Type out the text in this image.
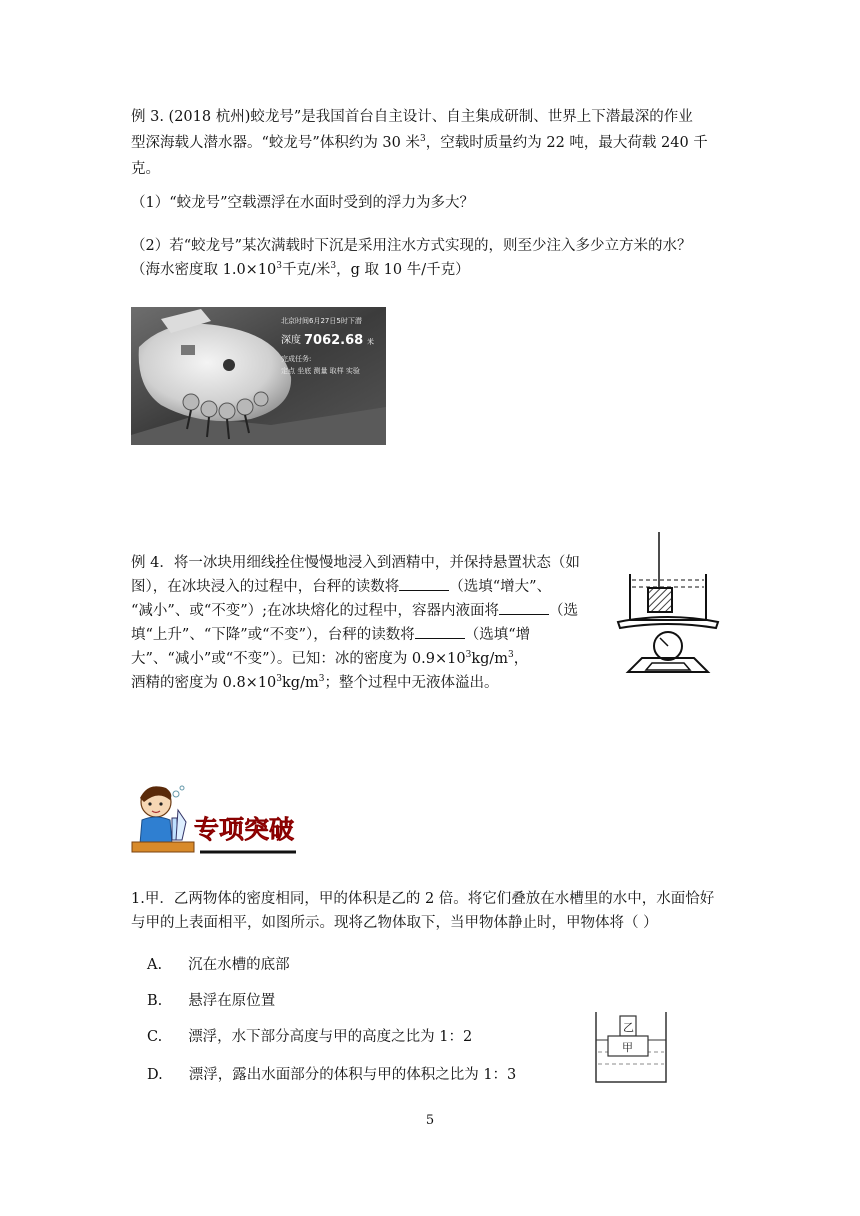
例 3. (2018 杭州)蛟龙号”是我国首台自主设计、自主集成研制、世界上下潜最深的作业
型深海载人潜水器。“蛟龙号”体积约为 30 米$^3$，空载时质量约为 22 吨，最大荷载 240 千
克。
（1）“蛟龙号”空载漂浮在水面时受到的浮力为多大？
（2）若“蛟龙号”某次满载时下沉是采用注水方式实现的，则至少注入多少立方米的水？
（海水密度取 $1.0\times 10^3$千克/米$^3$，g 取 10 牛/千克）
北京时间6月27日5时下潜
深度 7062.68 米
完成任务:
定点 坐底 测量 取样 实验
例 4．将一冰块用细线拴住慢慢地浸入到酒精中，并保持悬置状态（如
图），在冰块浸入的过程中，台秤的读数将	（选填“增大”、
“减小”、或“不变”）;在冰块熔化的过程中，容器内液面将	（选
填“上升”、“下降”或“不变”），台秤的读数将	（选填“增
大”、“减小”或“不变”）。已知：冰的密度为 $0.9\times 10^3kg/m^3$，
酒精的密度为 $0.8\times 10^3kg/m^3$；整个过程中无液体溢出。
专项突破
1.甲．乙两物体的密度相同，甲的体积是乙的 2 倍。将它们叠放在水槽里的水中，水面恰好
与甲的上表面相平，如图所示。现将乙物体取下，当甲物体静止时，甲物体将（ ）
A. 沉在水槽的底部
B. 悬浮在原位置
C. 漂浮，水下部分高度与甲的高度之比为 1：2
D. 漂浮，露出水面部分的体积与甲的体积之比为 1：3
乙
甲
5
